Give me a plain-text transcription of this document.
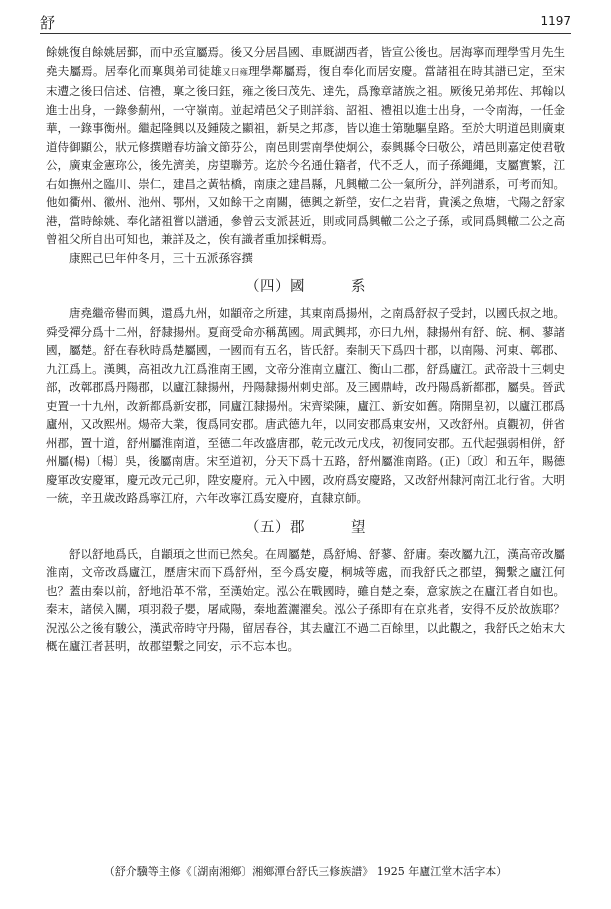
舒	1197

餘姚復自餘姚居鄞，而中丞宣屬焉。後又分居昌國、車厩湖西者，皆宣公後也。居海寧而理學雪月先生堯夫屬焉。居奉化而稟與弟司徒雄又曰雍理學鄰屬焉，復自奉化而居安慶。當諸祖在時其譜已定，至宋末遭之後曰信述、信禮，稟之後曰鈺，雍之後曰茂先、達先，爲豫章諸族之祖。厥後兄弟邦佐、邦翰以進士出身，一錄參薊州，一守嶺南。並起靖邑父子則詳翁、詔祖、禮祖以進士出身，一令南海，一任金華，一錄事衡州。繼起隆興以及鍾陵之顯祖，新昊之邦彥，皆以進士第馳驅皇路。至於大明道邑則廣東道侍御顯公，狀元修撰贈春坊論文節芬公，南邑則雲南學使炯公，泰興縣令曰敬公，靖邑則嘉定使君敬公，廣東金憲珎公，後先濟美，房望聯芳。迄於今名通仕籍者，代不乏人，而子孫繩繩，支屬實繁，江右如撫州之臨川、崇仁，建昌之黃牯橋，南康之建昌縣，凡興轍二公一氣所分，詳列譜系，可考而知。他如衢州、徽州、池州、鄂州，又如餘干之南關，德興之新塋，安仁之岩背，貴溪之魚塘，弋陽之舒家港，當時餘姚、奉化諸祖嘗以譜通，參曾云支派甚近，則或同爲興轍二公之子孫，或同爲興轍二公之高曾祖父所自出可知也，兼詳及之，俟有識者重加採輯焉。

康熙己巳年仲冬月，三十五派孫容撰

（四）國	系

唐堯繼帝嚳而興，還爲九州，如顓帝之所建，其東南爲揚州，之南爲舒叔子受封，以國氏叔之地。舜受禪分爲十二州，舒隸揚州。夏商受命亦稱萬國。周武興邦，亦曰九州，隸揚州有舒、皖、桐、蓼諸國，屬楚。舒在春秋時爲楚屬國，一國而有五名，皆氏舒。秦制天下爲四十郡，以南陽、河東、鄣郡、九江爲上。漢興，高祖改九江爲淮南王國，文帝分淮南立廬江、衡山二郡，舒爲廬江。武帝設十三刺史部，改鄣郡爲丹陽郡，以廬江隸揚州，丹陽隸揚州刺史部。及三國鼎峙，改丹陽爲新都郡，屬吳。晉武吏置一十九州，改新都爲新安郡，同廬江隸揚州。宋齊梁陳，廬江、新安如舊。隋開皇初，以廬江郡爲廬州，又改熙州。煬帝大業，復爲同安郡。唐武德九年，以同安郡爲東安州，又改舒州。貞觀初，併省州郡，置十道，舒州屬淮南道，至德二年改盛唐郡，乾元改元戊戌，初復同安郡。五代起强弱相併，舒州屬(楊)〔楊〕吳，後屬南唐。宋至道初，分天下爲十五路，舒州屬淮南路。(正)〔政〕和五年，賜德慶軍改安慶軍，慶元改元己卯，陞安慶府。元入中國，改府爲安慶路，又改舒州隸河南江北行省。大明一統，辛丑歲改路爲寧江府，六年改寧江爲安慶府，直隸京師。

（五）郡	望

舒以舒地爲氏，自顓頊之世而已然矣。在周屬楚，爲舒鳩、舒蓼、舒庸。秦改屬九江，漢高帝改屬淮南，文帝改爲廬江，歷唐宋而下爲舒州，至今爲安慶，桐城等處，而我舒氏之郡望，獨繫之廬江何也？蓋由秦以前，舒地沿革不常，至漢始定。泓公在戰國時，雖自楚之秦，意家族之在廬江者自如也。秦末，諸侯入關，項羽殺子嬰，屠咸陽，秦地蓋灑濯矣。泓公子孫即有在京兆者，安得不反於故族耶？況泓公之後有駿公，漢武帝時守丹陽，留居春谷，其去廬江不過二百餘里，以此觀之，我舒氏之始末大概在廬江者甚明，故郡望繫之同安，示不忘本也。

（舒介驥等主修《〔湖南湘鄉〕湘鄉潭台舒氏三修族譜》 1925 年廬江堂木活字本）
